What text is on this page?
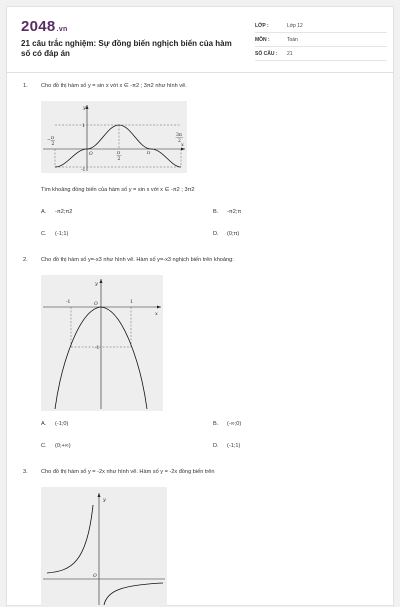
2048.vn
21 câu trắc nghiệm: Sự đồng biến nghịch biến của hàm số có đáp án
LỚP :	Lớp 12
MÔN :	Toán
SỐ CÂU : 21
1. Cho đồ thị hàm số y = sin x với x ∈ -π2 ; 3π2 như hình vẽ.
y
1
-1
O
x
− π
2
π
2
π
3π
2
Tìm khoảng đồng biến của hàm số y = sin x với x ∈ -π2 ; 3π2
A. -π2;π2	B. -π2;π
C. (-1;1)	D. (0;π)
2. Cho đồ thị hàm số y=-x3 như hình vẽ. Hàm số y=-x3 nghịch biến trên khoảng:
y
x
O
-1	1
-1
A. (-1;0)	B. (-∞;0)
C. (0;+∞)	D. (-1;1)
3. Cho đồ thị hàm số y = -2x như hình vẽ. Hàm số y = -2x đồng biến trên
y
O
